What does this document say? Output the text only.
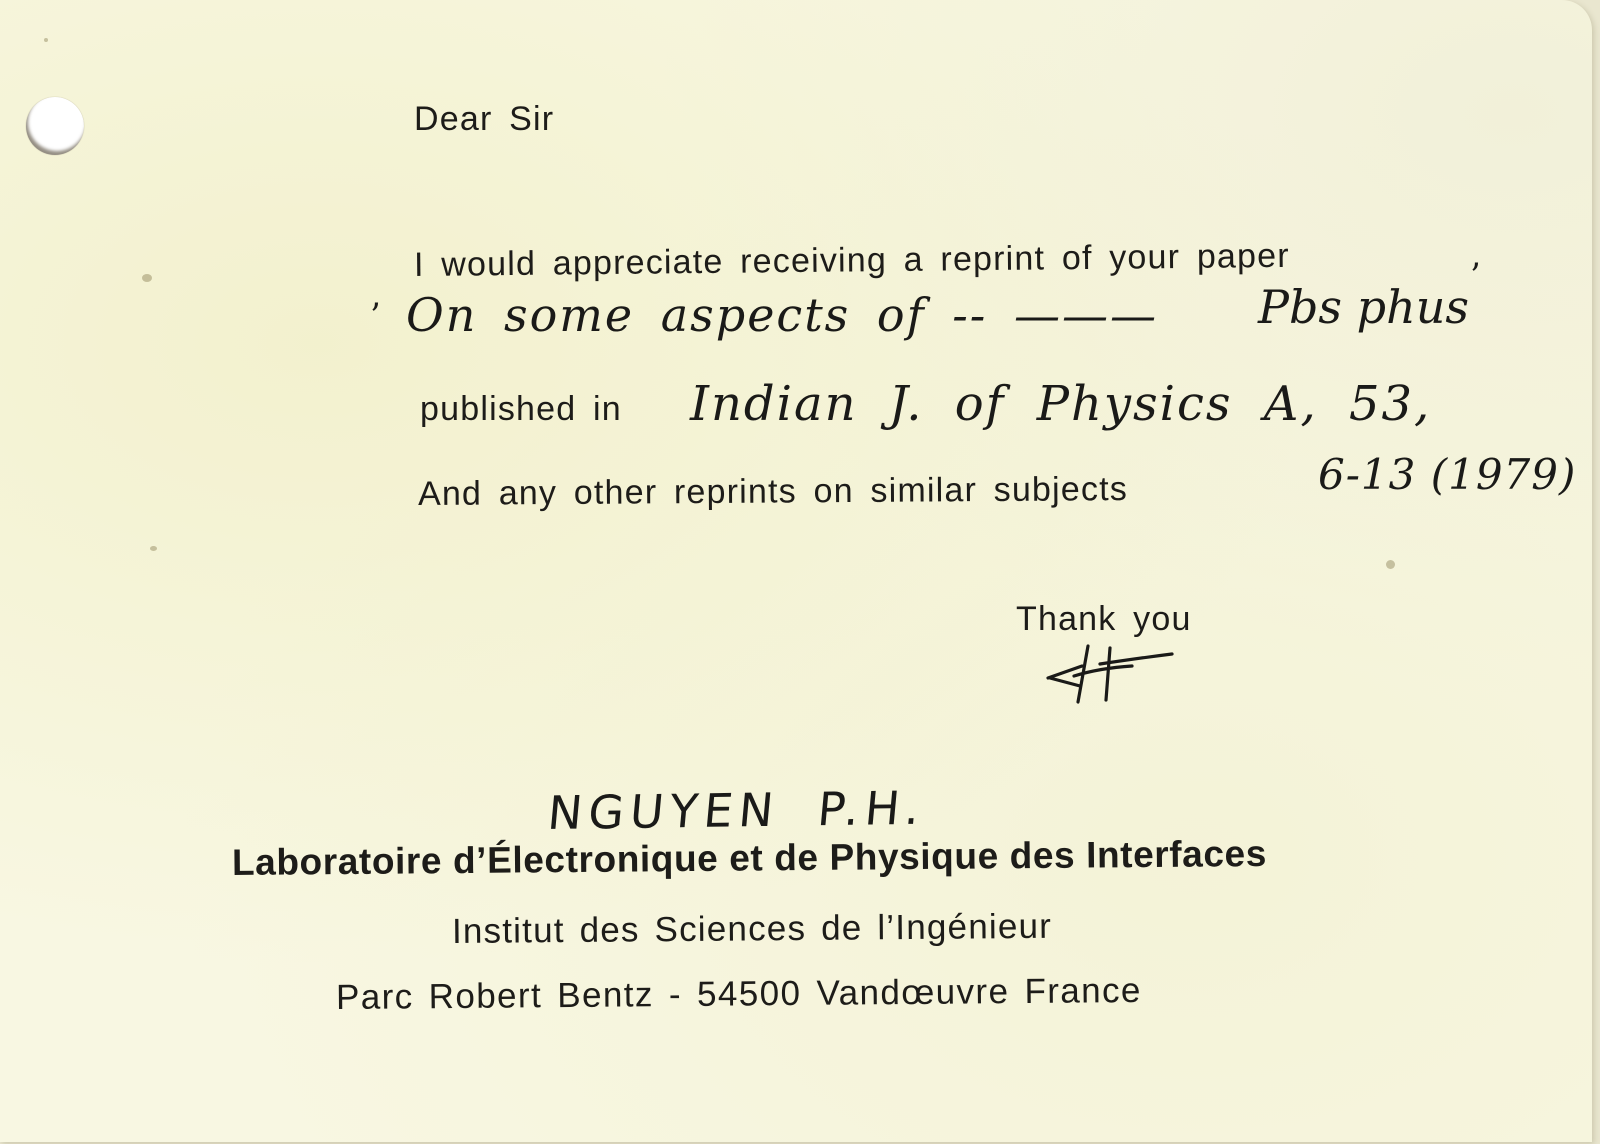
Dear Sir

I would appreciate receiving a reprint of your paper

’ On some aspects of -- ——— Pbs phus

’

published in Indian J. of Physics A, 53,

And any other reprints on similar subjects	6-13 (1979)

Thank you

NGUYEN P.H.

Laboratoire d’Électronique et de Physique des Interfaces

Institut des Sciences de l’Ingénieur

Parc Robert Bentz - 54500 Vandœuvre France
